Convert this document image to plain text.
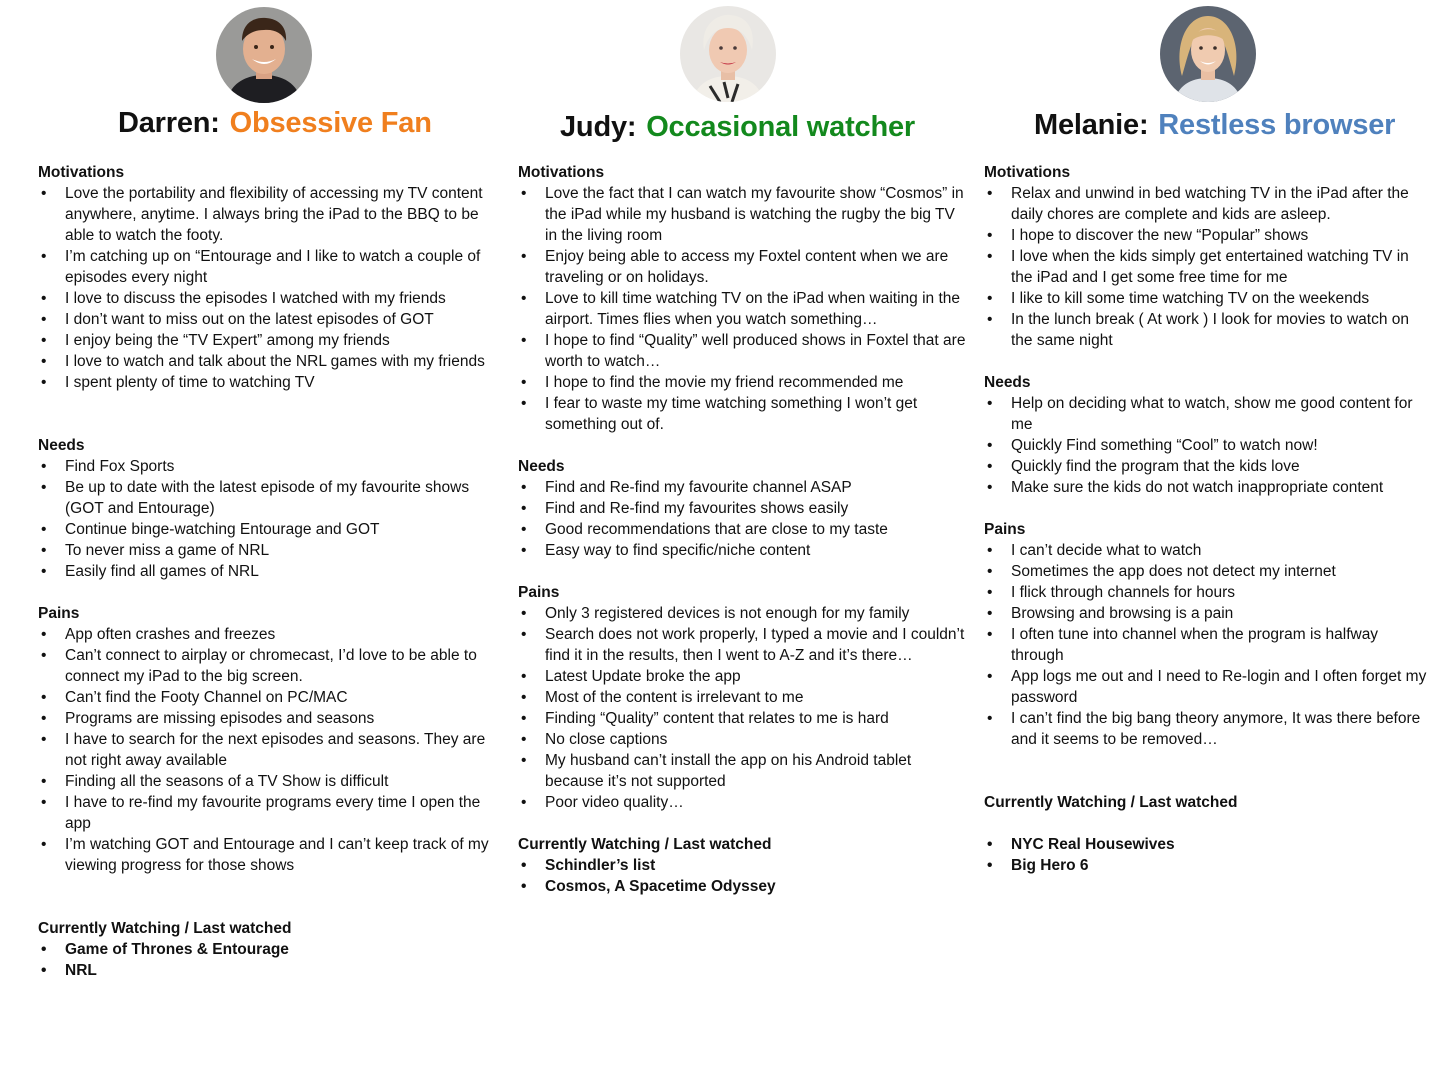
Darren: Obsessive Fan
Motivations
• Love the portability and flexibility of accessing my TV content anywhere, anytime. I always bring the iPad to the BBQ to be able to watch the footy.
• I’m catching up on “Entourage and I like to watch a couple of episodes every night
• I love to discuss the episodes I watched with my friends
• I don’t want to miss out on the latest episodes of GOT
• I enjoy being the “TV Expert” among my friends
• I love to watch and talk about the NRL games with my friends
• I spent plenty of time to watching TV
Needs
• Find Fox Sports
• Be up to date with the latest episode of my favourite shows (GOT and Entourage)
• Continue binge-watching Entourage and GOT
• To never miss a game of NRL
• Easily find all games of NRL
Pains
• App often crashes and freezes
• Can’t connect to airplay or chromecast, I’d love to be able to connect my iPad to the big screen.
• Can’t find the Footy Channel on PC/MAC
• Programs are missing episodes and seasons
• I have to search for the next episodes and seasons. They are not right away available
• Finding all the seasons of a TV Show is difficult
• I have to re-find my favourite programs every time I open the app
• I’m watching GOT and Entourage and I can’t keep track of my viewing progress for those shows
Currently Watching / Last watched
• Game of Thrones & Entourage
• NRL
Judy: Occasional watcher
Motivations
• Love the fact that I can watch my favourite show “Cosmos” in the iPad while my husband is watching the rugby the big TV in the living room
• Enjoy being able to access my Foxtel content when we are traveling or on holidays.
• Love to kill time watching TV on the iPad when waiting in the airport. Times flies when you watch something…
• I hope to find “Quality” well produced shows in Foxtel that are worth to watch…
• I hope to find the movie my friend recommended me
• I fear to waste my time watching something I won’t get something out of.
Needs
• Find and Re-find my favourite channel ASAP
• Find and Re-find my favourites shows easily
• Good recommendations that are close to my taste
• Easy way to find specific/niche content
Pains
• Only 3 registered devices is not enough for my family
• Search does not work properly, I typed a movie and I couldn’t find it in the results, then I went to A-Z and it’s there…
• Latest Update broke the app
• Most of the content is irrelevant to me
• Finding “Quality” content that relates to me is hard
• No close captions
• My husband can’t install the app on his Android tablet because it’s not supported
• Poor video quality…
Currently Watching / Last watched
• Schindler’s list
• Cosmos, A Spacetime Odyssey
Melanie: Restless browser
Motivations
• Relax and unwind in bed watching TV in the iPad after the daily chores are complete and kids are asleep.
• I hope to discover the new “Popular” shows
• I love when the kids simply get entertained watching TV in the iPad and I get some free time for me
• I like to kill some time watching TV on the weekends
• In the lunch break ( At work ) I look for movies to watch on the same night
Needs
• Help on deciding what to watch, show me good content for me
• Quickly Find something “Cool” to watch now!
• Quickly find the program that the kids love
• Make sure the kids do not watch inappropriate content
Pains
• I can’t decide what to watch
• Sometimes the app does not detect my internet
• I flick through channels for hours
• Browsing and browsing is a pain
• I often tune into channel when the program is halfway through
• App logs me out and I need to Re-login and I often forget my password
• I can’t find the big bang theory anymore, It was there before and it seems to be removed…
Currently Watching / Last watched
• NYC Real Housewives
• Big Hero 6
